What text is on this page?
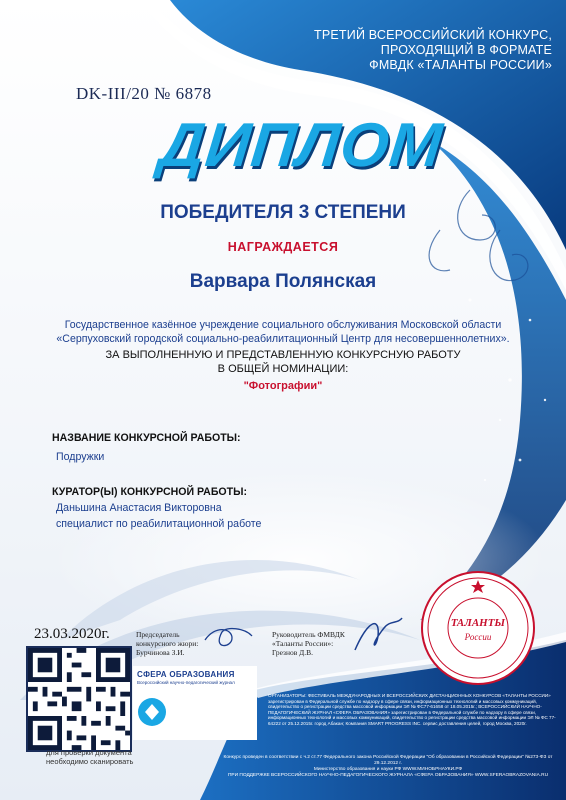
ТРЕТИЙ ВСЕРОССИЙСКИЙ КОНКУРС,
ПРОХОДЯЩИЙ В ФОРМАТЕ
ФМВДК «ТАЛАНТЫ РОССИИ»
DK-III/20 № 6878
ДИПЛОМ
ПОБЕДИТЕЛЯ 3 СТЕПЕНИ
НАГРАЖДАЕТСЯ
Варвара Полянская
Государственное казённое учреждение социального обслуживания Московской области
«Серпуховский городской социально-реабилитационный Центр для несовершеннолетних».
ЗА ВЫПОЛНЕННУЮ И ПРЕДСТАВЛЕННУЮ КОНКУРСНУЮ РАБОТУ
В ОБЩЕЙ НОМИНАЦИИ:
"Фотографии"
НАЗВАНИЕ КОНКУРСНОЙ РАБОТЫ:
Подружки
КУРАТОР(Ы) КОНКУРСНОЙ РАБОТЫ:
Даньшина Анастасия Викторовна
специалист по реабилитационной работе
23.03.2020г.	Председатель
конкурсного жюри:
Бурчинова З.И.
Руководитель ФМВДК
«Таланты России»:
Грезнов Д.В.
для проверки документа
необходимо сканировать
СФЕРА ОБРАЗОВАНИЯ
Всероссийский научно-педагогический журнал
ТАЛАНТЫ
России
ОРГАНИЗАТОРЫ: ФЕСТИВАЛЬ МЕЖДУНАРОДНЫХ И ВСЕРОССИЙСКИХ ДИСТАНЦИОННЫХ КОНКУРСОВ «ТАЛАНТЫ РОССИИ» зарегистрирован в Федеральной службе по надзору в сфере связи, информационных технологий и массовых коммуникаций, свидетельство о регистрации средства массовой информации ЭЛ № ФС77-61658 от 18.05.2015г.; ВСЕРОССИЙСКИЙ НАУЧНО-ПЕДАГОГИЧЕСКИЙ ЖУРНАЛ «СФЕРА ОБРАЗОВАНИЯ» зарегистрирован в Федеральной службе по надзору в сфере связи, информационных технологий и массовых коммуникаций, свидетельство о регистрации средства массовой информации ЭЛ № ФС 77-64222 от 25.12.2015г. город Абакан; Компания SMART PROGRESS INC. сервис доставления целей, город Москва, 2020г.
Конкурс проведен в соответствии с ч.2 ст.77 Федерального закона Российской Федерации "Об образовании в Российской Федерации" №273-ФЗ от 29.12.2012 г.
Министерство образования и науки РФ WWW.МИНОБРНАУКИ.РФ
ПРИ ПОДДЕРЖКЕ ВСЕРОССИЙСКОГО НАУЧНО-ПЕДАГОГИЧЕСКОГО ЖУРНАЛА «СФЕРА ОБРАЗОВАНИЯ» WWW.SFERAOBRAZOVANIA.RU
